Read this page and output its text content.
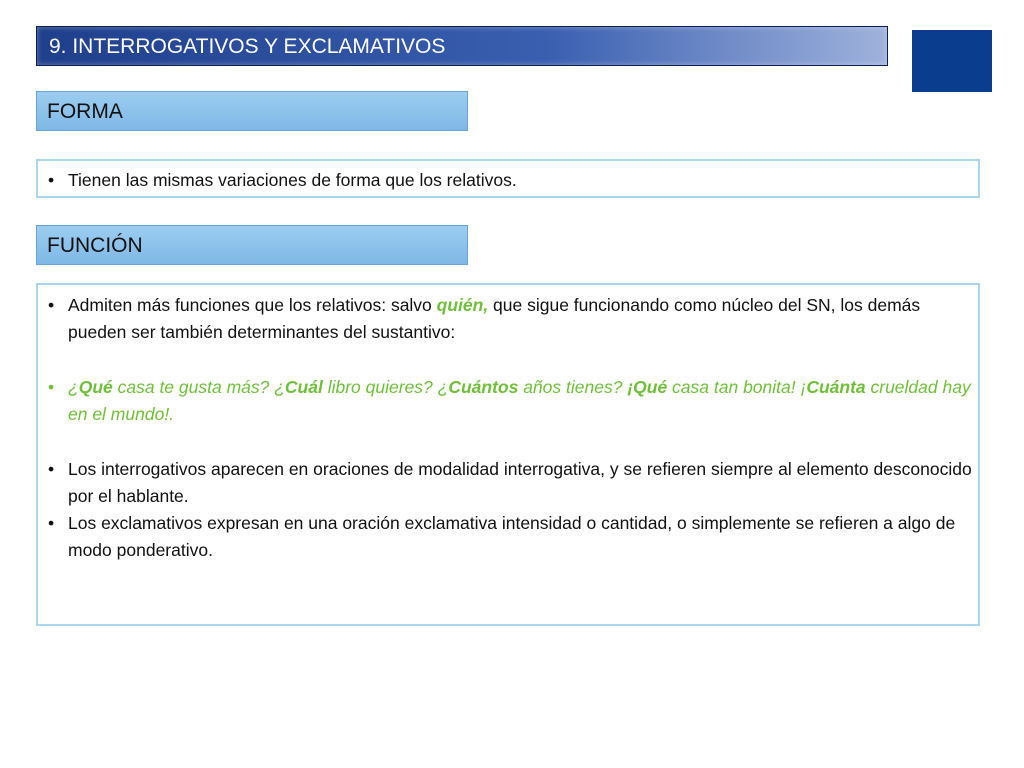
9. INTERROGATIVOS Y EXCLAMATIVOS
FORMA
• Tienen las mismas variaciones de forma que los relativos.
FUNCIÓN
• Admiten más funciones que los relativos: salvo quién, que sigue funcionando como núcleo del SN, los demás pueden ser también determinantes del sustantivo:
• ¿Qué casa te gusta más? ¿Cuál libro quieres? ¿Cuántos años tienes? ¡Qué casa tan bonita! ¡Cuánta crueldad hay en el mundo!.
• Los interrogativos aparecen en oraciones de modalidad interrogativa, y se refieren siempre al elemento desconocido por el hablante.
• Los exclamativos expresan en una oración exclamativa intensidad o cantidad, o simplemente se refieren a algo de modo ponderativo.
